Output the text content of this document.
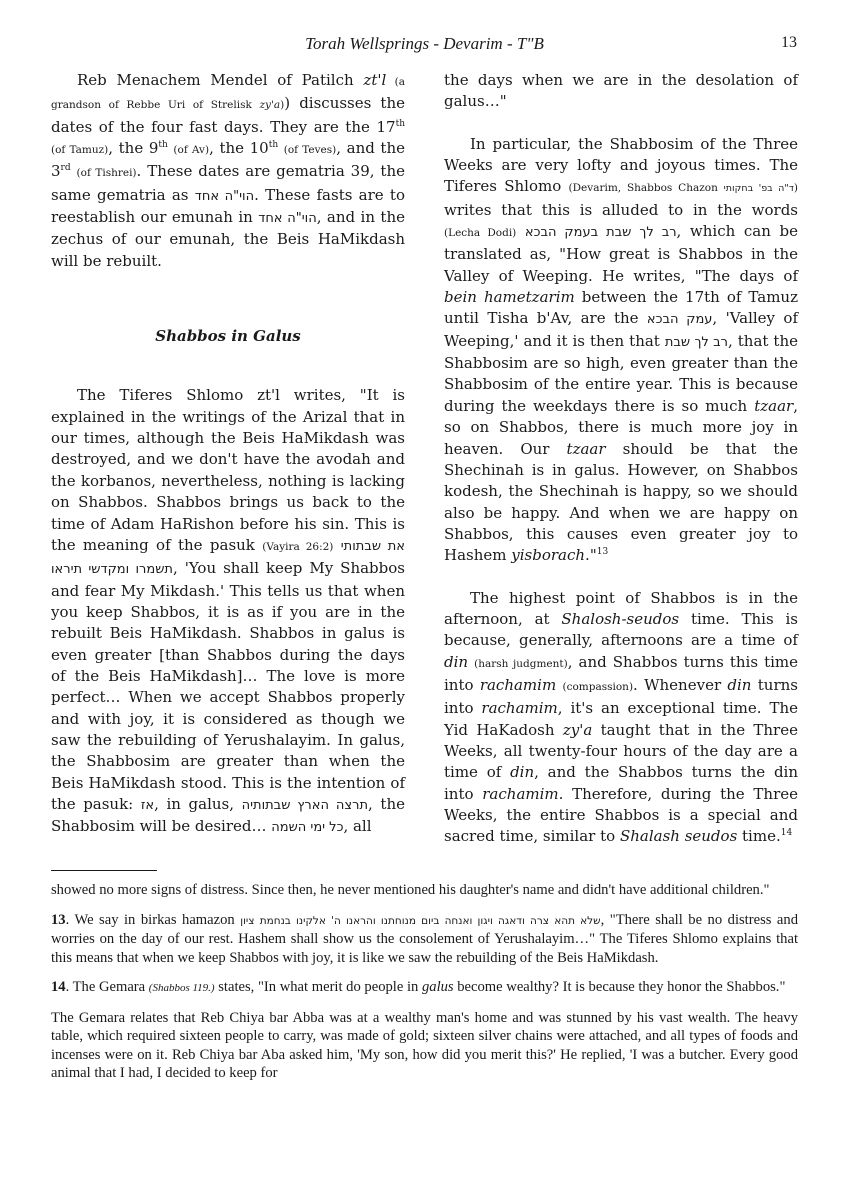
Torah Wellsprings - Devarim - T"B	13

Reb Menachem Mendel of Patilch zt'l (a grandson of Rebbe Uri of Strelisk zy'a)) discusses the dates of the four fast days. They are the 17th (of Tamuz), the 9th (of Av), the 10th (of Teves), and the 3rd (of Tishrei). These dates are gematria 39, the same gematria as הוי"ה אחד. These fasts are to reestablish our emunah in הוי"ה אחד, and in the zechus of our emunah, the Beis HaMikdash will be rebuilt.

Shabbos in Galus

The Tiferes Shlomo zt'l writes, "It is explained in the writings of the Arizal that in our times, although the Beis HaMikdash was destroyed, and we don't have the avodah and the korbanos, nevertheless, nothing is lacking on Shabbos. Shabbos brings us back to the time of Adam HaRishon before his sin. This is the meaning of the pasuk (Vayira 26:2) את שבתותי תשמרו ומקדשי תיראו, 'You shall keep My Shabbos and fear My Mikdash.' This tells us that when you keep Shabbos, it is as if you are in the rebuilt Beis HaMikdash. Shabbos in galus is even greater [than Shabbos during the days of the Beis HaMikdash]… The love is more perfect… When we accept Shabbos properly and with joy, it is considered as though we saw the rebuilding of Yerushalayim. In galus, the Shabbosim are greater than when the Beis HaMikdash stood. This is the intention of the pasuk: אז, in galus, תרצה הארץ שבתותיה, the Shabbosim will be desired… כל ימי השמה, all

the days when we are in the desolation of galus…"

In particular, the Shabbosim of the Three Weeks are very lofty and joyous times. The Tiferes Shlomo (Devarim, Shabbos Chazon ד"ה בפ' בחקותי) writes that this is alluded to in the words (Lecha Dodi) רב לך שבת בעמק הבכא, which can be translated as, "How great is Shabbos in the Valley of Weeping. He writes, "The days of bein hametzarim between the 17th of Tamuz until Tisha b'Av, are the עמק הבכא, 'Valley of Weeping,' and it is then that רב לך שבת, that the Shabbosim are so high, even greater than the Shabbosim of the entire year. This is because during the weekdays there is so much tzaar, so on Shabbos, there is much more joy in heaven. Our tzaar should be that the Shechinah is in galus. However, on Shabbos kodesh, the Shechinah is happy, so we should also be happy. And when we are happy on Shabbos, this causes even greater joy to Hashem yisborach."$^{13}$

The highest point of Shabbos is in the afternoon, at Shalosh-seudos time. This is because, generally, afternoons are a time of din (harsh judgment), and Shabbos turns this time into rachamim (compassion). Whenever din turns into rachamim, it's an exceptional time. The Yid HaKadosh zy'a taught that in the Three Weeks, all twenty-four hours of the day are a time of din, and the Shabbos turns the din into rachamim. Therefore, during the Three Weeks, the entire Shabbos is a special and sacred time, similar to Shalash seudos time.$^{14}$

showed no more signs of distress. Since then, he never mentioned his daughter's name and didn't have additional children."

13. We say in birkas hamazon שלא תהא צרה ודאגה ויגון ואנחה ביום מנוחתנו והראנו ה' אלקינו בנחמת ציון, "There shall be no distress and worries on the day of our rest. Hashem shall show us the consolement of Yerushalayim…" The Tiferes Shlomo explains that this means that when we keep Shabbos with joy, it is like we saw the rebuilding of the Beis HaMikdash.

14. The Gemara (Shabbos 119.) states, "In what merit do people in galus become wealthy? It is because they honor the Shabbos."

The Gemara relates that Reb Chiya bar Abba was at a wealthy man's home and was stunned by his vast wealth. The heavy table, which required sixteen people to carry, was made of gold; sixteen silver chains were attached, and all types of foods and incenses were on it. Reb Chiya bar Aba asked him, 'My son, how did you merit this?' He replied, 'I was a butcher. Every good animal that I had, I decided to keep for
